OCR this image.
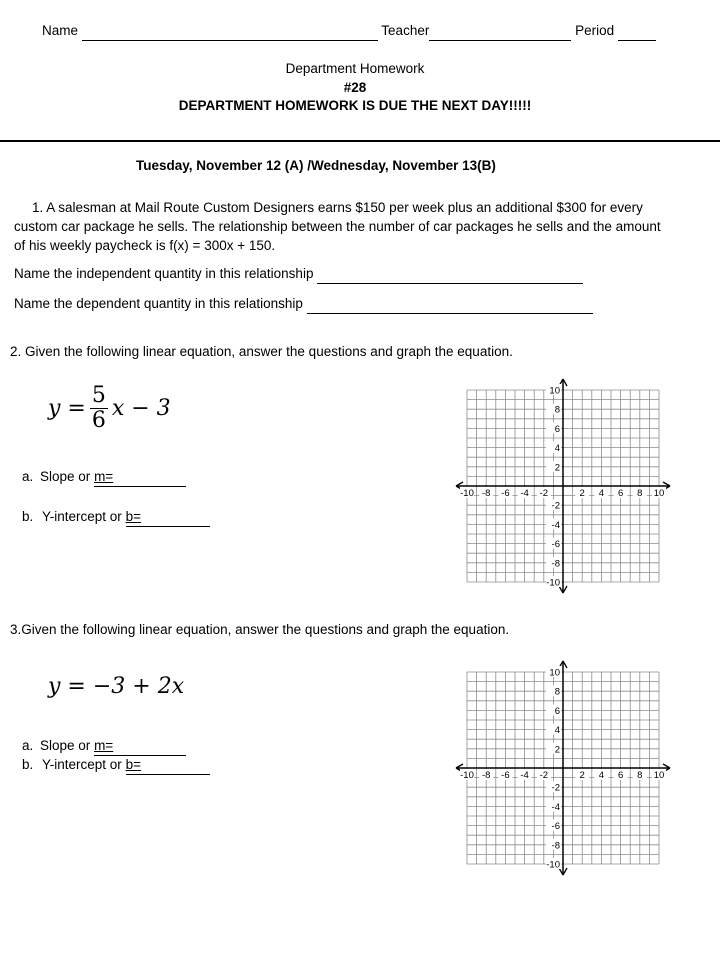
Name	Teacher	Period
Department Homework
#28
DEPARTMENT HOMEWORK IS DUE THE NEXT DAY!!!!!
Tuesday, November 12 (A) /Wednesday, November 13(B)
1. A salesman at Mail Route Custom Designers earns $150 per week plus an additional $300 for every
custom car package he sells. The relationship between the number of car packages he sells and the amount
of his weekly paycheck is f(x) = 300x + 150.
Name the independent quantity in this relationship
Name the dependent quantity in this relationship
2. Given the following linear equation, answer the questions and graph the equation.
$y = \frac{5}{6}$ x − 3
a. Slope or m=
b. Y-intercept or b=
-10 -8 -6 -4 -2	2 4 6 8 10
10
8
6
4
2
-2
-4
-6
-8
-10
3.Given the following linear equation, answer the questions and graph the equation.
y = −3 + 2x
a. Slope or m=
b. Y-intercept or b=
-10 -8 -6 -4 -2	2 4 6 8 10
10
8
6
4
2
-2
-4
-6
-8
-10
